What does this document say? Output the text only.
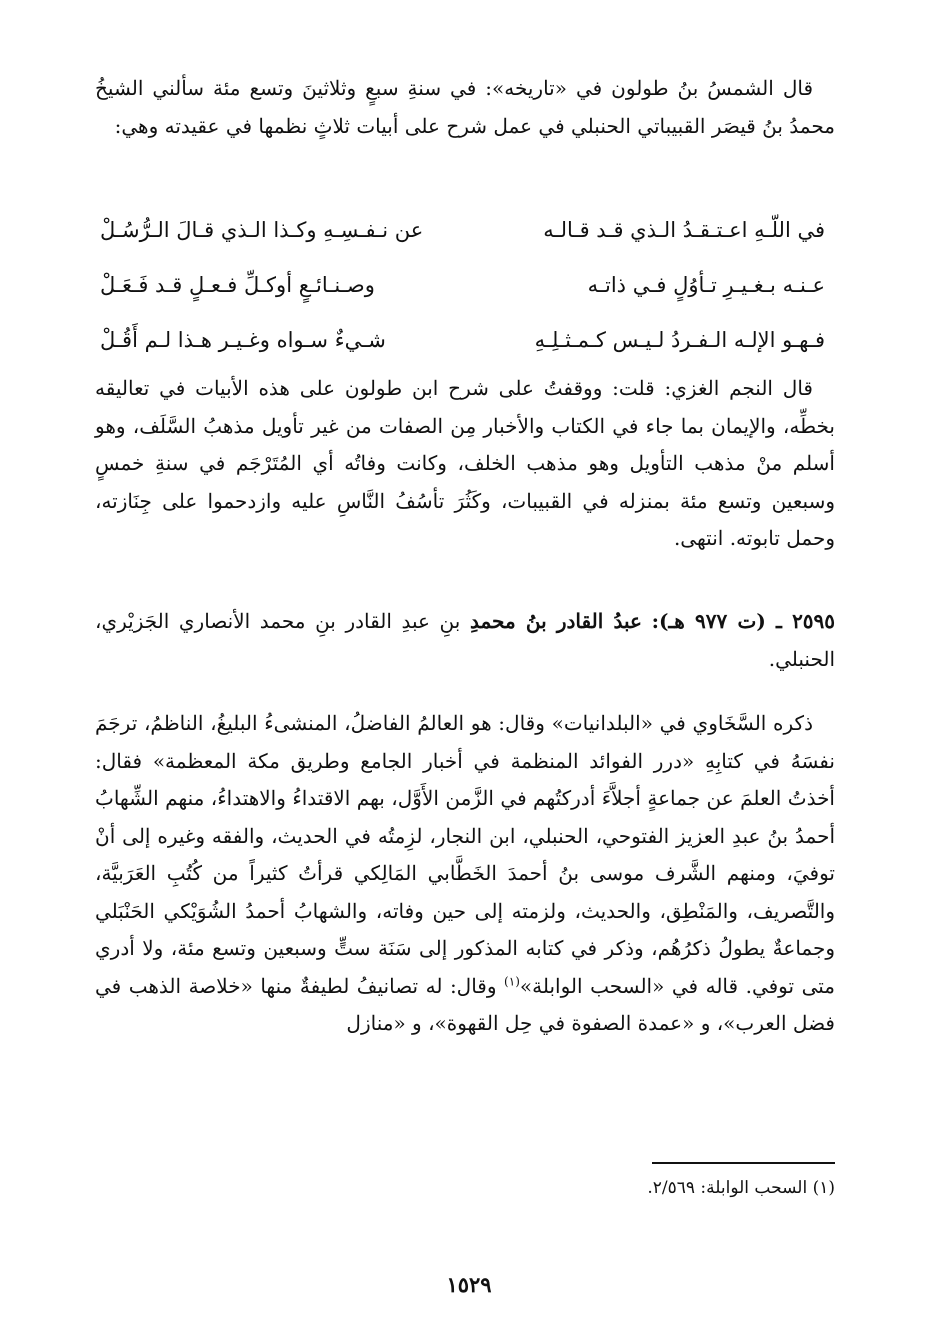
قال الشمسُ بنُ طولون في «تاريخه»: في سنةِ سبعٍ وثلاثينَ وتسع مئة سألني الشيخُ محمدُ بنُ قيصَر القبيباتي الحنبلي في عمل شرح على أبيات ثلاثٍ نظمها في عقيدته وهي:

في اللّـهِ اعـتـقـدُ الـذي قـد قـالـه
عن نـفـسِـهِ وكـذا الـذي قـالَ الـرُّسُـلْ
عـنـه بـغـيـرِ تـأوُلٍ فـي ذاتـه
وصـنـائـعٍ أوكـلِّ فـعـلٍ قـد فَـعَـلْ
فـهـو الإلـه الـفـردُ لـيـس كـمـثـلِـهِ
شـيءٌ سـواه وغـيـر هـذا لـم أَقُـلْ

قال النجم الغزي: قلت: ووقفتُ على شرح ابن طولون على هذه الأبيات في تعاليقه بخطِّه، والإيمان بما جاء في الكتاب والأخبار مِن الصفات من غير تأويل مذهبُ السَّلَف، وهو أسلم منْ مذهب التأويل وهو مذهب الخلف، وكانت وفاتُه أي المُتَرْجَم في سنةِ خمسٍ وسبعين وتسع مئة بمنزله في القبيبات، وكَثُرَ تأسُفُ النَّاسِ عليه وازدحموا على جِنَازته، وحمل تابوته. انتهى.

٢٥٩٥ ـ (ت ٩٧٧ هـ): عبدُ القادر بنُ محمدِ بنِ عبدِ القادر بنِ محمد الأنصاري الجَزيْري، الحنبلي.

ذكره السَّخَاوي في «البلدانيات» وقال: هو العالمُ الفاضلُ، المنشىءُ البليغُ، الناظمُ، ترجَمَ نفسَهُ في كتابِهِ «درر الفوائد المنظمة في أخبار الجامع وطريق مكة المعظمة» فقال: أخذتُ العلمَ عن جماعةٍ أجلاَّءَ أدركتُهم في الزَّمن الأَوَّل، بهم الاقتداءُ والاهتداءُ، منهم الشِّهابُ أحمدُ بنُ عبدِ العزيز الفتوحي، الحنبلي، ابن النجار، لزِمتُه في الحديث، والفقه وغيره إلى أنْ توفيَ، ومنهم الشَّرف موسى بنُ أحمدَ الخَطَّابي المَالِكي قرأتُ كثيراً من كُتُبِ العَرَبيَّة، والتَّصريف، والمَنْطِق، والحديث، ولزمته إلى حين وفاته، والشهابُ أحمدُ الشُوَيْكي الحَنْبَلي وجماعةٌ يطولُ ذكرُهُم، وذكر في كتابه المذكور إلى سَنَة ستٍّ وسبعين وتسع مئة، ولا أدري متى توفي. قاله في «السحب الوابلة»$^{(١)}$ وقال: له تصانيفُ لطيفةٌ منها «خلاصة الذهب في فضل العرب»، و «عمدة الصفوة في حِل القهوة»، و «منازل

(١) السحب الوابلة: ٢/٥٦٩.
١٥٢٩
